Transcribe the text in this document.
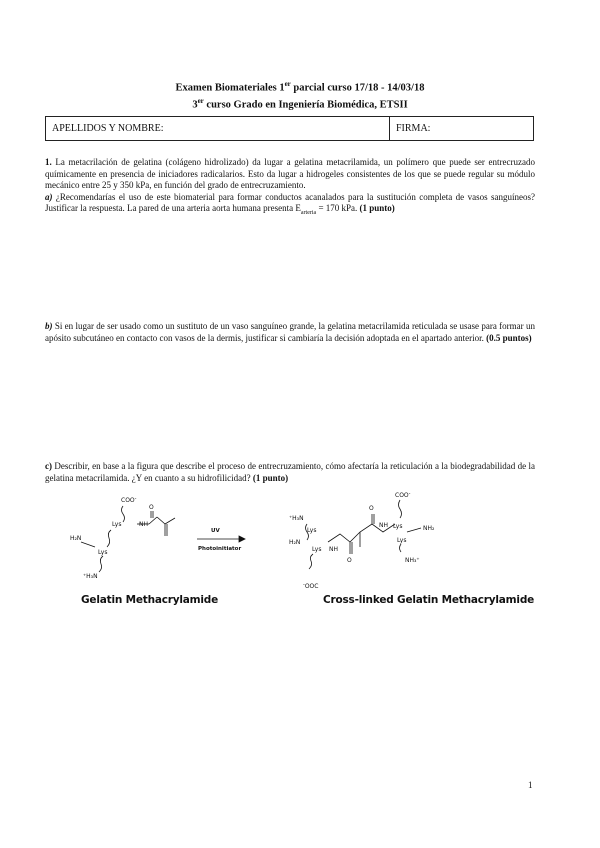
Examen Biomateriales 1er parcial curso 17/18 - 14/03/18
3er curso Grado en Ingeniería Biomédica, ETSII
APELLIDOS Y NOMBRE:	FIRMA:
1. La metacrilación de gelatina (colágeno hidrolizado) da lugar a gelatina metacrilamida, un polímero que puede ser entrecruzado químicamente en presencia de iniciadores radicalarios. Esto da lugar a hidrogeles consistentes de los que se puede regular su módulo mecánico entre 25 y 350 kPa, en función del grado de entrecruzamiento.
a) ¿Recomendarías el uso de este biomaterial para formar conductos acanalados para la sustitución completa de vasos sanguíneos? Justificar la respuesta. La pared de una arteria aorta humana presenta $E_{arteria} = 170$ kPa. (1 punto)
b) Si en lugar de ser usado como un sustituto de un vaso sanguíneo grande, la gelatina metacrilamida reticulada se usase para formar un apósito subcutáneo en contacto con vasos de la dermis, justificar si cambiaría la decisión adoptada en el apartado anterior. (0.5 puntos)
c) Describir, en base a la figura que describe el proceso de entrecruzamiento, cómo afectaría la reticulación a la biodegradabilidad de la gelatina metacrilamida. ¿Y en cuanto a su hidrofilicidad? (1 punto)
COO-
Lys	NH
H₂N
Lys
⁺H₃N
O
UV
Photoinitiator
⁺H₃N
Lys
H₂N
Lys NH
-OOC
COO-
NH Lys	NH₂
Lys
NH₃⁺
O
O
Gelatin Methacrylamide	Cross-linked Gelatin Methacrylamide
1
